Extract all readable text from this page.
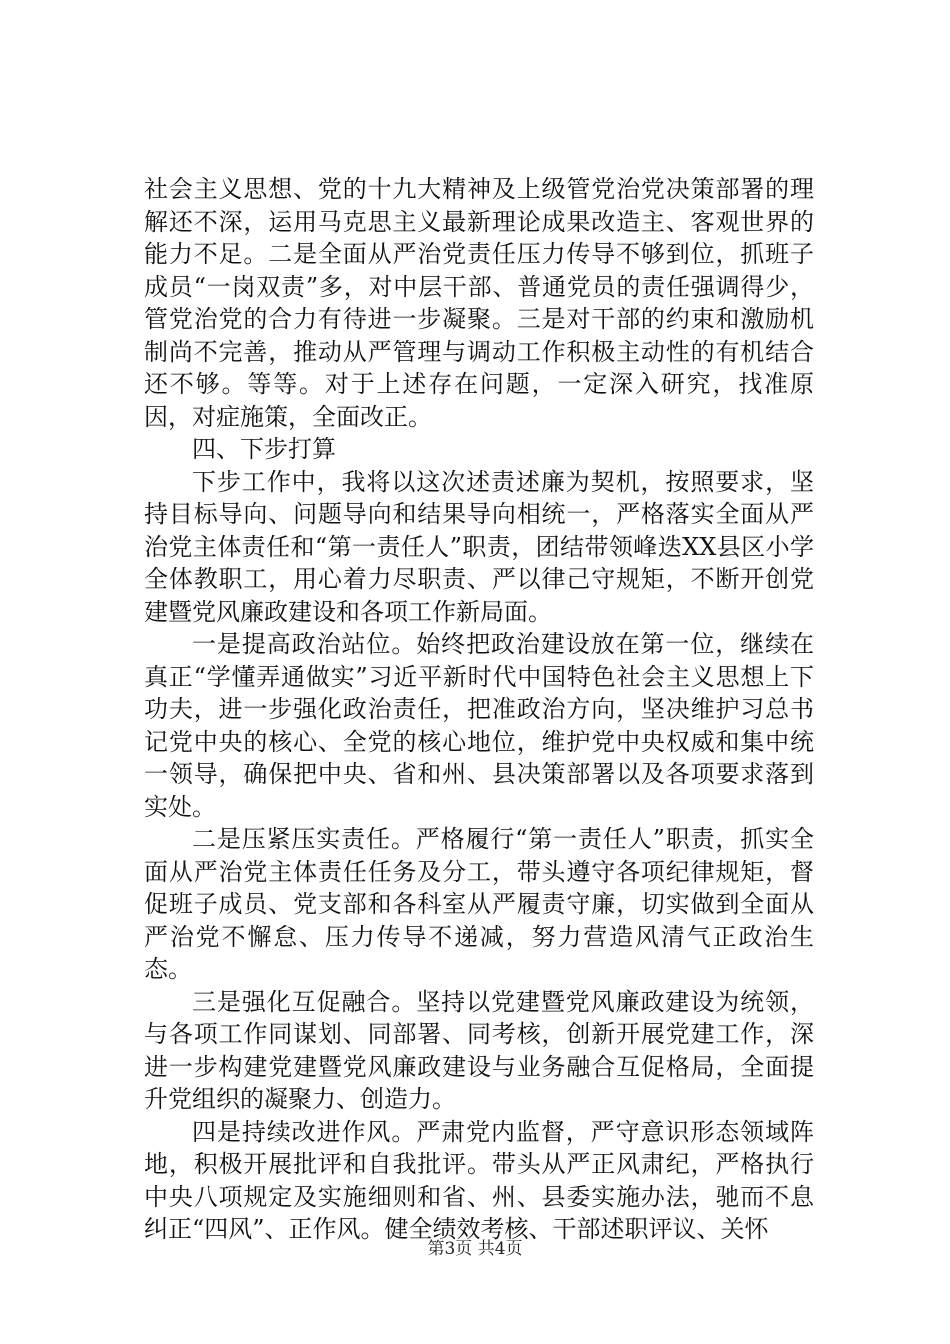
社会主义思想、党的十九大精神及上级管党治党决策部署的理解还不深，运用马克思主义最新理论成果改造主、客观世界的能力不足。二是全面从严治党责任压力传导不够到位，抓班子成员“一岗双责”多，对中层干部、普通党员的责任强调得少，管党治党的合力有待进一步凝聚。三是对干部的约束和激励机制尚不完善，推动从严管理与调动工作积极主动性的有机结合还不够。等等。对于上述存在问题，一定深入研究，找准原因，对症施策，全面改正。

四、下步打算

下步工作中，我将以这次述责述廉为契机，按照要求，坚持目标导向、问题导向和结果导向相统一，严格落实全面从严治党主体责任和“第一责任人”职责，团结带领峰迭XX县区小学全体教职工，用心着力尽职责、严以律己守规矩，不断开创党建暨党风廉政建设和各项工作新局面。

一是提高政治站位。始终把政治建设放在第一位，继续在真正“学懂弄通做实”习近平新时代中国特色社会主义思想上下功夫，进一步强化政治责任，把准政治方向，坚决维护习总书记党中央的核心、全党的核心地位，维护党中央权威和集中统一领导，确保把中央、省和州、县决策部署以及各项要求落到实处。

二是压紧压实责任。严格履行“第一责任人”职责，抓实全面从严治党主体责任任务及分工，带头遵守各项纪律规矩，督促班子成员、党支部和各科室从严履责守廉，切实做到全面从严治党不懈怠、压力传导不递减，努力营造风清气正政治生态。

三是强化互促融合。坚持以党建暨党风廉政建设为统领，与各项工作同谋划、同部署、同考核，创新开展党建工作，深进一步构建党建暨党风廉政建设与业务融合互促格局，全面提升党组织的凝聚力、创造力。

四是持续改进作风。严肃党内监督，严守意识形态领域阵地，积极开展批评和自我批评。带头从严正风肃纪，严格执行中央八项规定及实施细则和省、州、县委实施办法，驰而不息纠正“四风”、正作风。健全绩效考核、干部述职评议、关怀

第3页 共4页
